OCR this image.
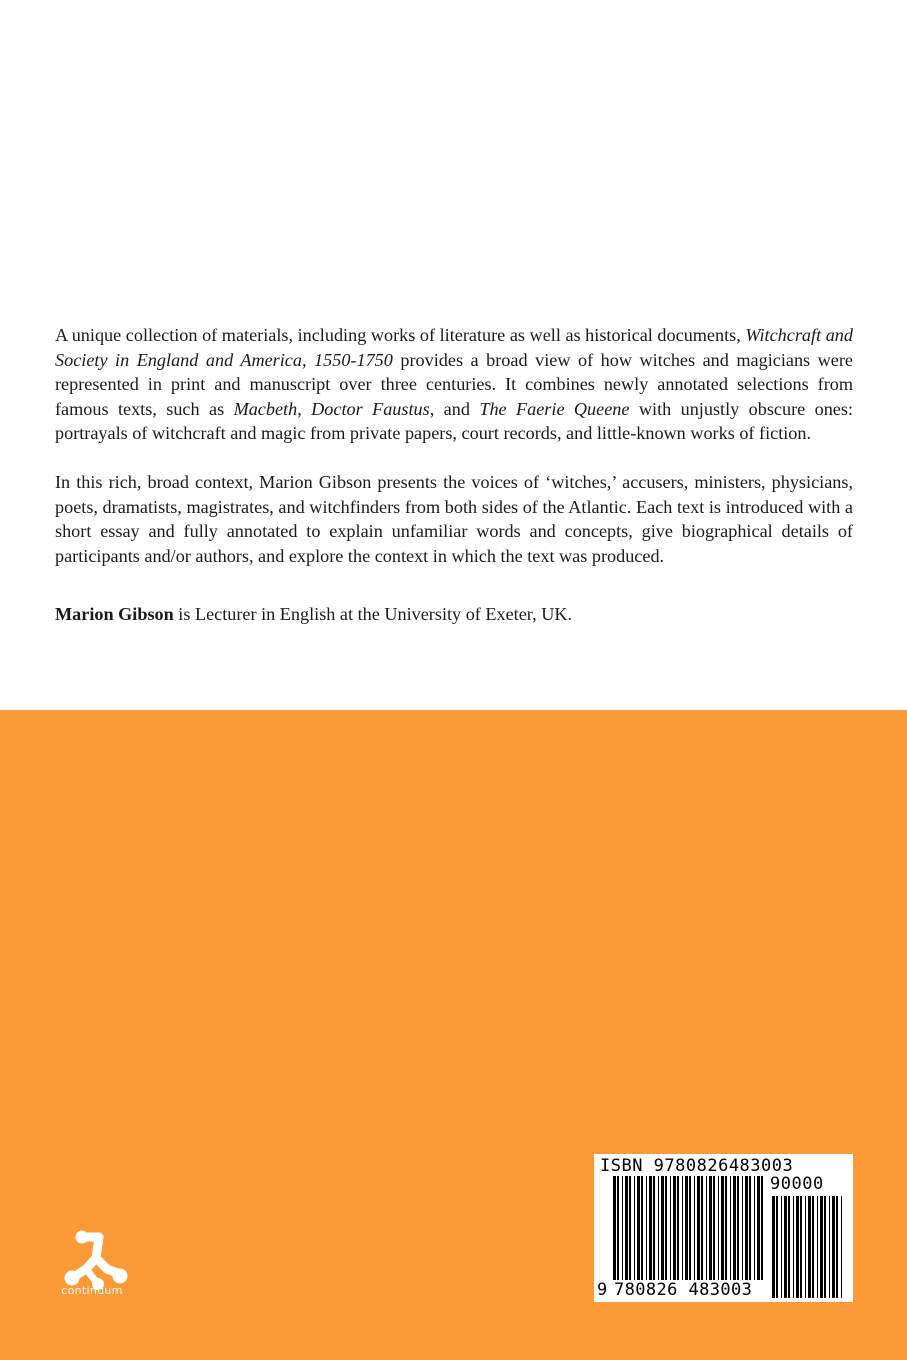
A unique collection of materials, including works of literature as well as historical documents, Witchcraft and Society in England and America, 1550-1750 provides a broad view of how witches and magicians were represented in print and manuscript over three centuries. It combines newly annotated selections from famous texts, such as Macbeth, Doctor Faustus, and The Faerie Queene with unjustly obscure ones: portrayals of witchcraft and magic from private papers, court records, and little-known works of fiction.

In this rich, broad context, Marion Gibson presents the voices of ‘witches,’ accusers, ministers, physicians, poets, dramatists, magistrates, and witchfinders from both sides of the Atlantic. Each text is introduced with a short essay and fully annotated to explain unfamiliar words and concepts, give biographical details of participants and/or authors, and explore the context in which the text was produced.

Marion Gibson is Lecturer in English at the University of Exeter, UK.

continuum
ISBN 9780826483003
90000
9 780826 483003
